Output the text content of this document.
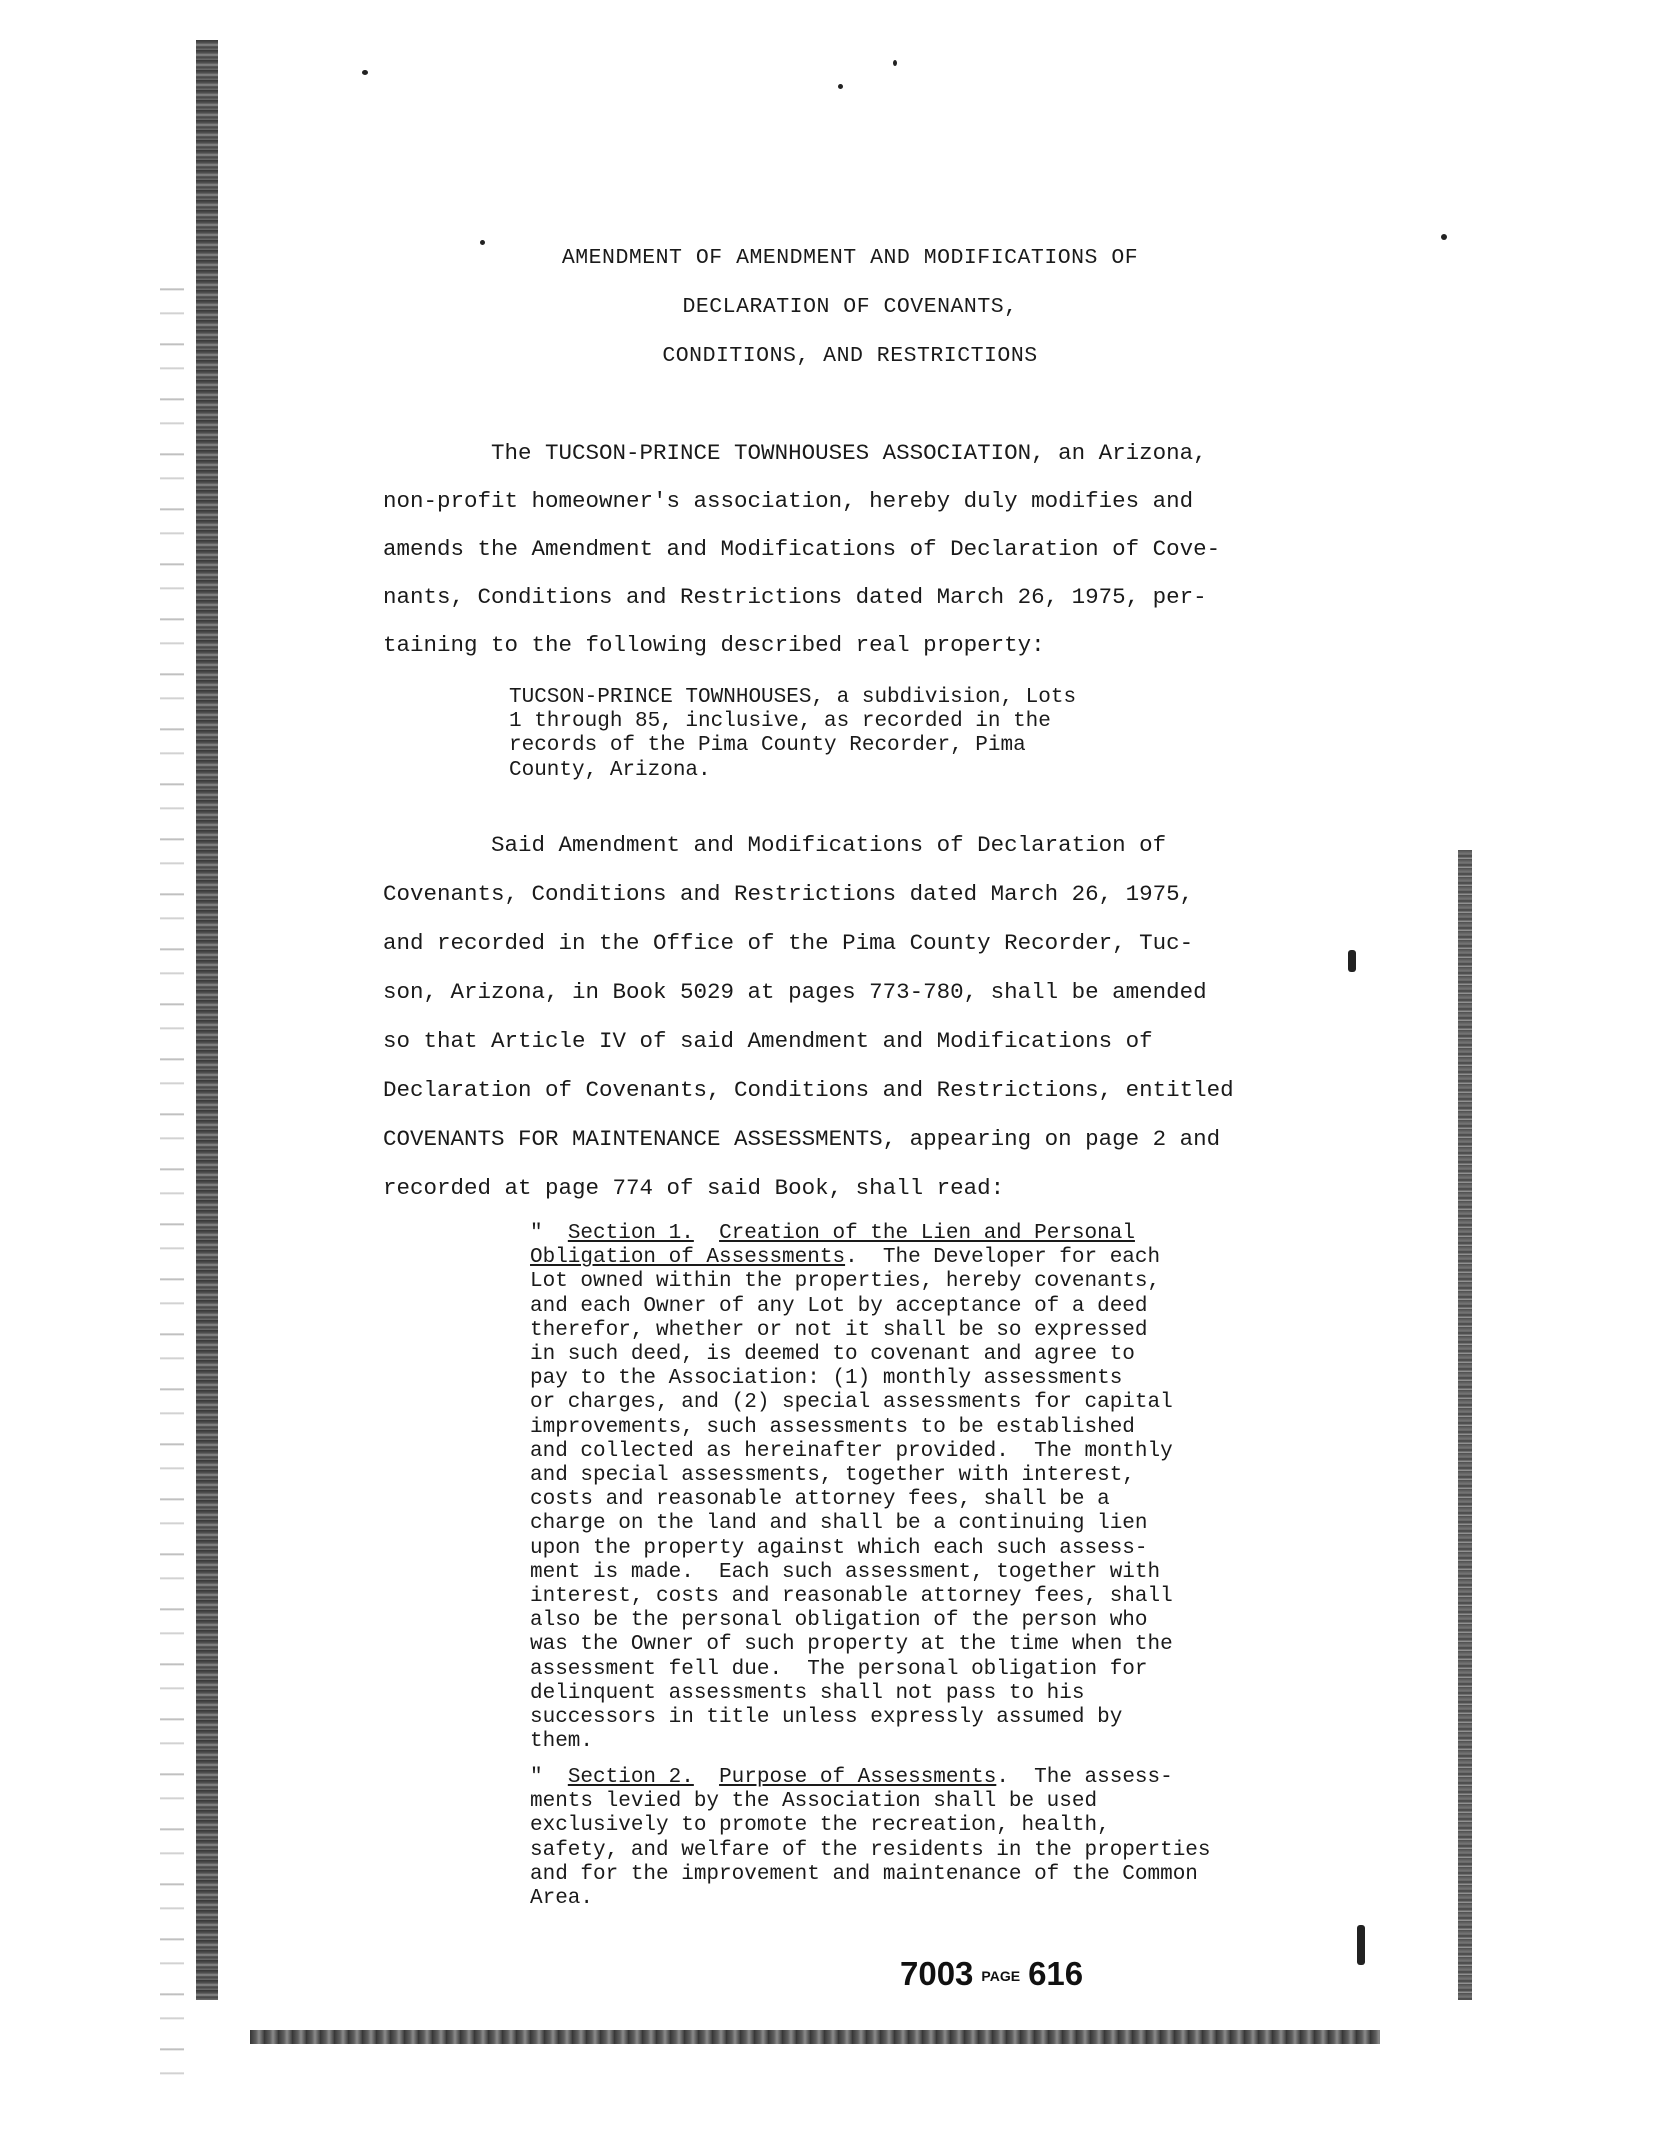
AMENDMENT OF AMENDMENT AND MODIFICATIONS OF
DECLARATION OF COVENANTS,
CONDITIONS, AND RESTRICTIONS
The TUCSON-PRINCE TOWNHOUSES ASSOCIATION, an Arizona,
non-profit homeowner's association, hereby duly modifies and
amends the Amendment and Modifications of Declaration of Cove-
nants, Conditions and Restrictions dated March 26, 1975, per-
taining to the following described real property:
TUCSON-PRINCE TOWNHOUSES, a subdivision, Lots
1 through 85, inclusive, as recorded in the
records of the Pima County Recorder, Pima
County, Arizona.
Said Amendment and Modifications of Declaration of
Covenants, Conditions and Restrictions dated March 26, 1975,
and recorded in the Office of the Pima County Recorder, Tuc-
son, Arizona, in Book 5029 at pages 773-780, shall be amended
so that Article IV of said Amendment and Modifications of
Declaration of Covenants, Conditions and Restrictions, entitled
COVENANTS FOR MAINTENANCE ASSESSMENTS, appearing on page 2 and
recorded at page 774 of said Book, shall read:
"  Section 1. Creation of the Lien and Personal
Obligation of Assessments.  The Developer for each
Lot owned within the properties, hereby covenants,
and each Owner of any Lot by acceptance of a deed
therefor, whether or not it shall be so expressed
in such deed, is deemed to covenant and agree to
pay to the Association: (1) monthly assessments
or charges, and (2) special assessments for capital
improvements, such assessments to be established
and collected as hereinafter provided.  The monthly
and special assessments, together with interest,
costs and reasonable attorney fees, shall be a
charge on the land and shall be a continuing lien
upon the property against which each such assess-
ment is made.  Each such assessment, together with
interest, costs and reasonable attorney fees, shall
also be the personal obligation of the person who
was the Owner of such property at the time when the
assessment fell due.  The personal obligation for
delinquent assessments shall not pass to his
successors in title unless expressly assumed by
them.
"  Section 2. Purpose of Assessments.  The assess-
ments levied by the Association shall be used
exclusively to promote the recreation, health,
safety, and welfare of the residents in the properties
and for the improvement and maintenance of the Common
Area.
7003 PAGE 616
